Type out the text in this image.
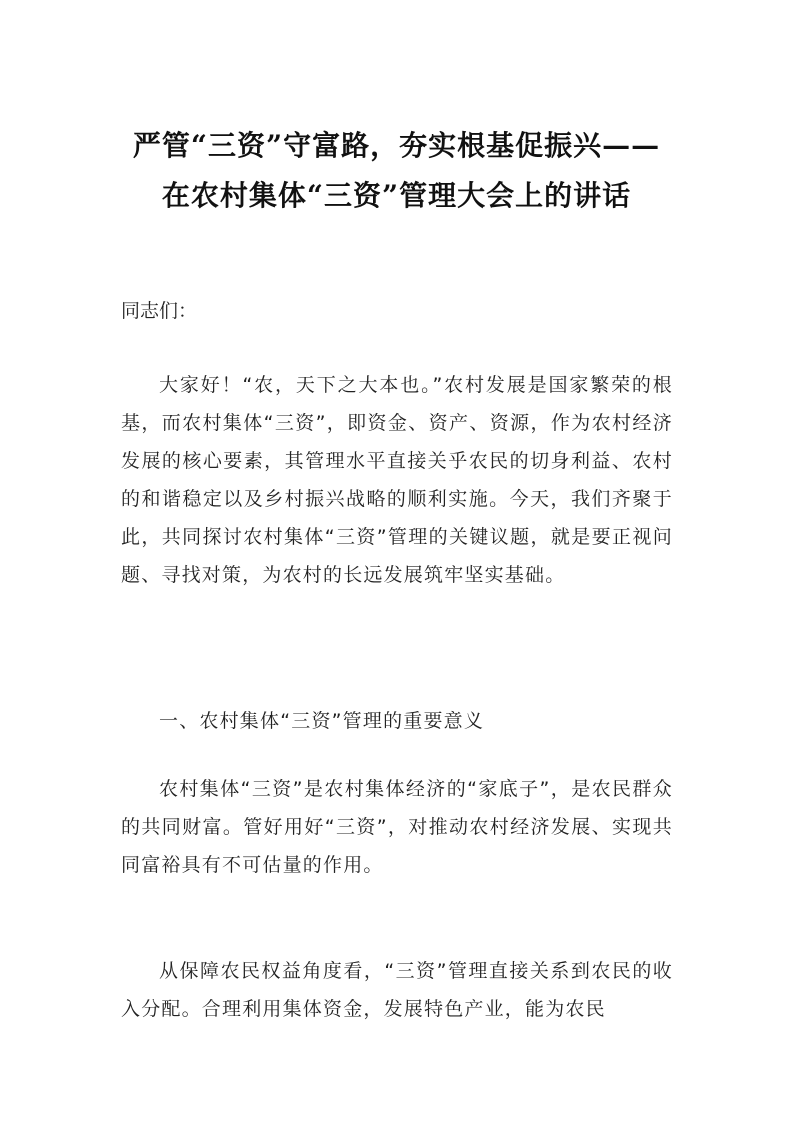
严管“三资”守富路，夯实根基促振兴——
在农村集体“三资”管理大会上的讲话
同志们：

大家好！“农，天下之大本也。”农村发展是国家繁荣的根基，而农村集体“三资”，即资金、资产、资源，作为农村经济发展的核心要素，其管理水平直接关乎农民的切身利益、农村的和谐稳定以及乡村振兴战略的顺利实施。今天，我们齐聚于此，共同探讨农村集体“三资”管理的关键议题，就是要正视问题、寻找对策，为农村的长远发展筑牢坚实基础。

一、农村集体“三资”管理的重要意义

农村集体“三资”是农村集体经济的“家底子”，是农民群众的共同财富。管好用好“三资”，对推动农村经济发展、实现共同富裕具有不可估量的作用。

从保障农民权益角度看，“三资”管理直接关系到农民的收入分配。合理利用集体资金，发展特色产业，能为农民
